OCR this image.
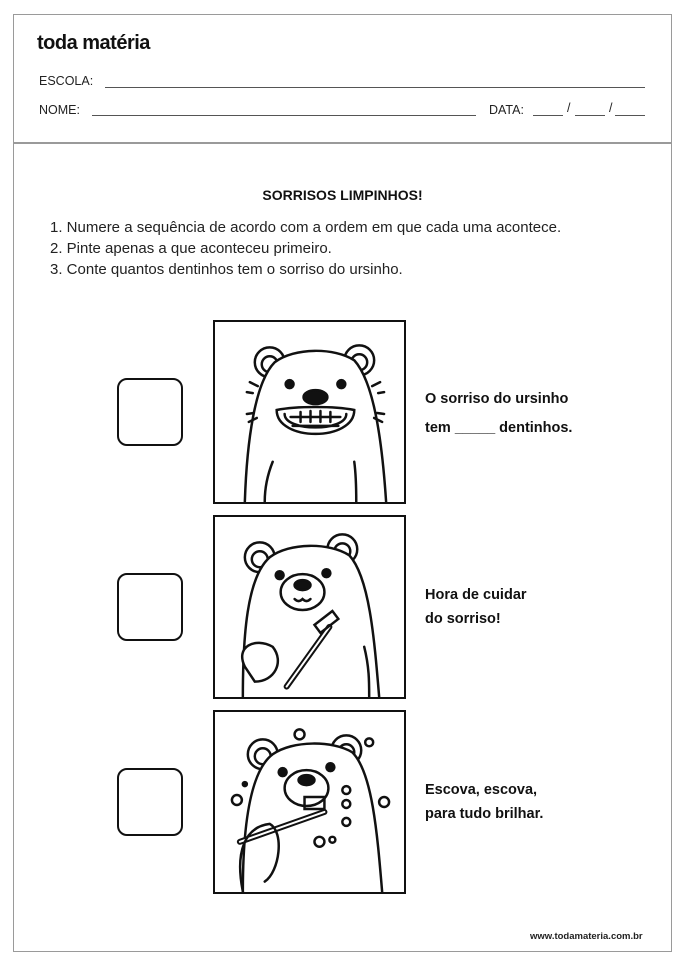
toda matéria
ESCOLA:
NOME:	DATA:	/	/
SORRISOS LIMPINHOS!
1. Numere a sequência de acordo com a ordem em que cada uma acontece.
2. Pinte apenas a que aconteceu primeiro.
3. Conte quantos dentinhos tem o sorriso do ursinho.
O sorriso do ursinho
tem _____ dentinhos.
Hora de cuidar
do sorriso!
Escova, escova,
para tudo brilhar.
www.todamateria.com.br
